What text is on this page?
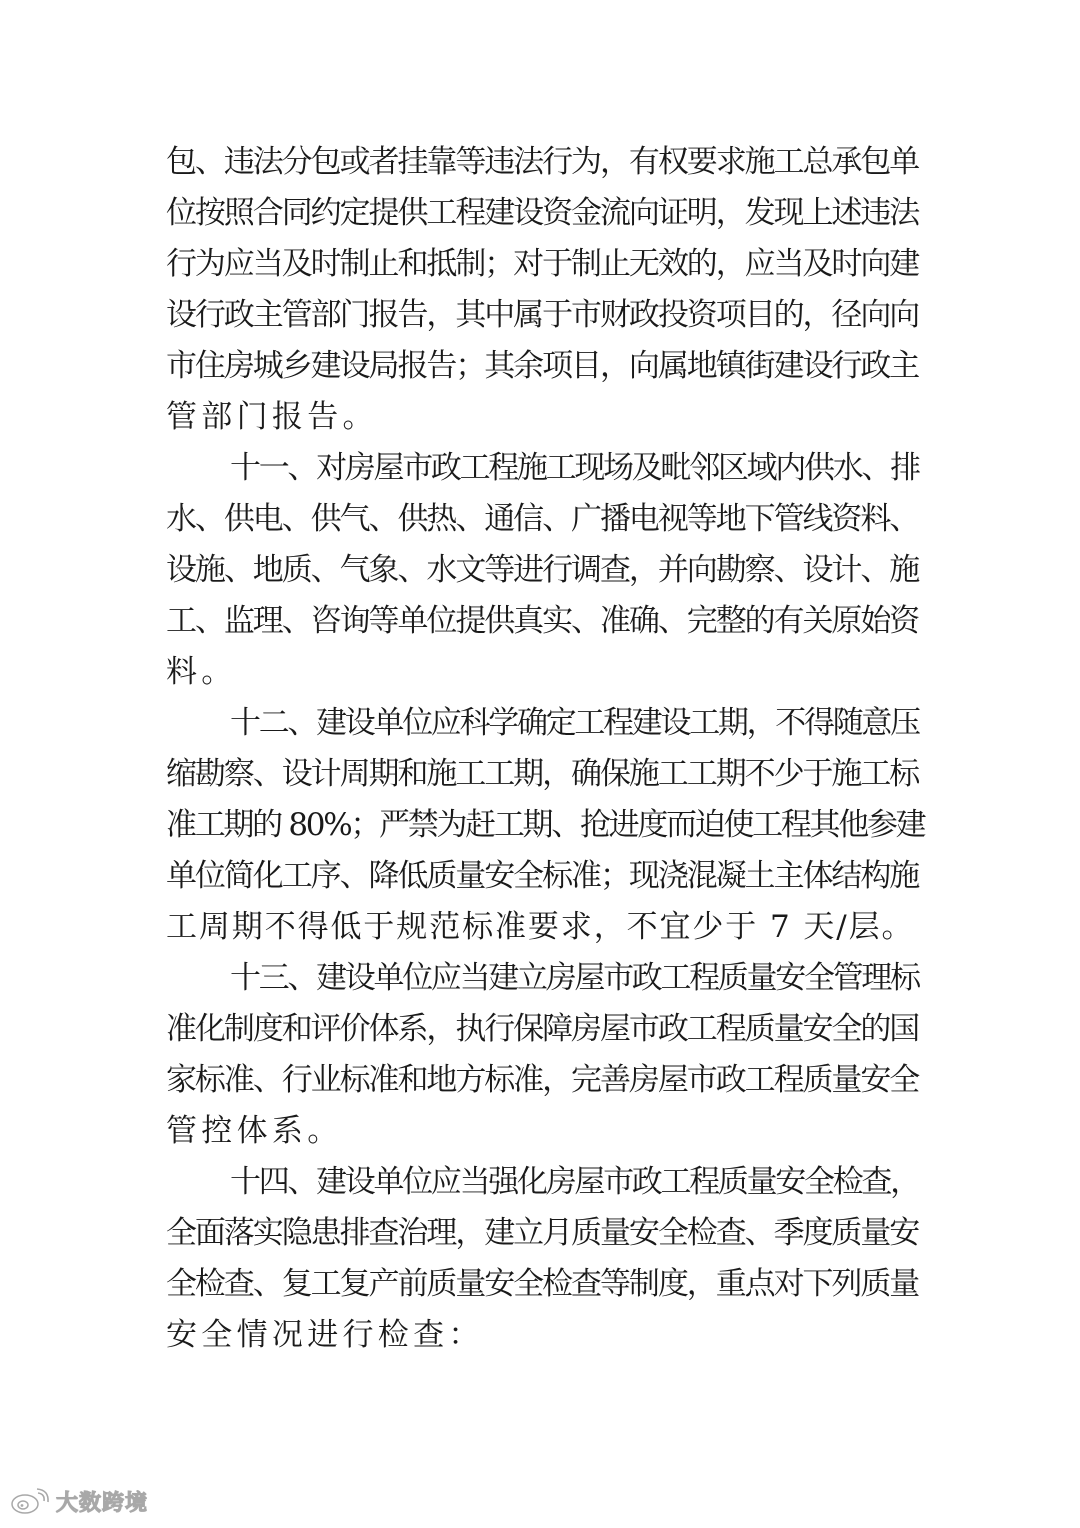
包、违法分包或者挂靠等违法行为，有权要求施工总承包单
位按照合同约定提供工程建设资金流向证明，发现上述违法
行为应当及时制止和抵制；对于制止无效的，应当及时向建
设行政主管部门报告，其中属于市财政投资项目的，径向向
市住房城乡建设局报告；其余项目，向属地镇街建设行政主
管部门报告。
十一、对房屋市政工程施工现场及毗邻区域内供水、排
水、供电、供气、供热、通信、广播电视等地下管线资料、
设施、地质、气象、水文等进行调查，并向勘察、设计、施
工、监理、咨询等单位提供真实、准确、完整的有关原始资
料。
十二、建设单位应科学确定工程建设工期，不得随意压
缩勘察、设计周期和施工工期，确保施工工期不少于施工标
准工期的 80%；严禁为赶工期、抢进度而迫使工程其他参建
单位简化工序、降低质量安全标准；现浇混凝土主体结构施
工周期不得低于规范标准要求，不宜少于 7 天/层。
十三、建设单位应当建立房屋市政工程质量安全管理标
准化制度和评价体系，执行保障房屋市政工程质量安全的国
家标准、行业标准和地方标准，完善房屋市政工程质量安全
管控体系。
十四、建设单位应当强化房屋市政工程质量安全检查，
全面落实隐患排查治理，建立月质量安全检查、季度质量安
全检查、复工复产前质量安全检查等制度，重点对下列质量
安全情况进行检查：
大数跨境
